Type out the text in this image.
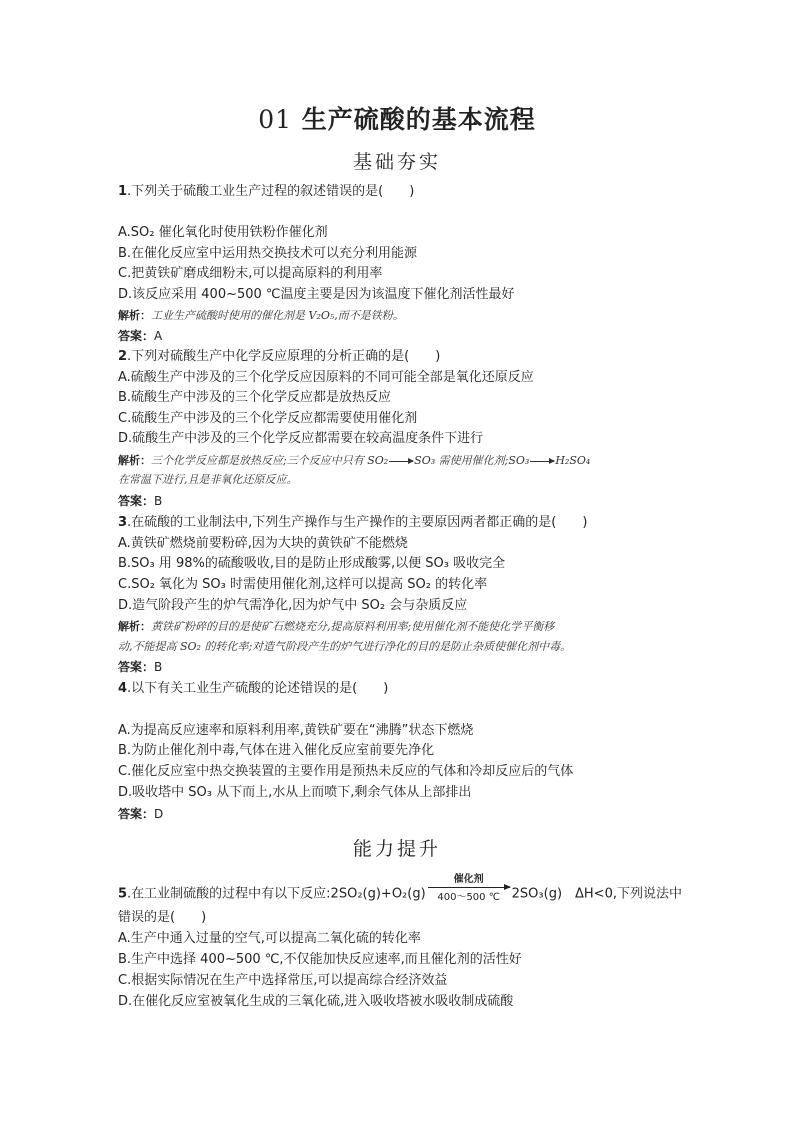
01 生产硫酸的基本流程
基础夯实
1.下列关于硫酸工业生产过程的叙述错误的是(　　)
A.SO₂ 催化氧化时使用铁粉作催化剂
B.在催化反应室中运用热交换技术可以充分利用能源
C.把黄铁矿磨成细粉末,可以提高原料的利用率
D.该反应采用 400~500 ℃温度主要是因为该温度下催化剂活性最好
解析：工业生产硫酸时使用的催化剂是 V₂O₅,而不是铁粉。
答案：A
2.下列对硫酸生产中化学反应原理的分析正确的是(　　)
A.硫酸生产中涉及的三个化学反应因原料的不同可能全部是氧化还原反应
B.硫酸生产中涉及的三个化学反应都是放热反应
C.硫酸生产中涉及的三个化学反应都需要使用催化剂
D.硫酸生产中涉及的三个化学反应都需要在较高温度条件下进行
解析：三个化学反应都是放热反应;三个反应中只有 SO₂→SO₃ 需使用催化剂;SO₃→H₂SO₄
在常温下进行,且是非氧化还原反应。
答案：B
3.在硫酸的工业制法中,下列生产操作与生产操作的主要原因两者都正确的是(　　)
A.黄铁矿燃烧前要粉碎,因为大块的黄铁矿不能燃烧
B.SO₃ 用 98%的硫酸吸收,目的是防止形成酸雾,以便 SO₃ 吸收完全
C.SO₂ 氧化为 SO₃ 时需使用催化剂,这样可以提高 SO₂ 的转化率
D.造气阶段产生的炉气需净化,因为炉气中 SO₂ 会与杂质反应
解析：黄铁矿粉碎的目的是使矿石燃烧充分,提高原料利用率;使用催化剂不能使化学平衡移
动,不能提高 SO₂ 的转化率;对造气阶段产生的炉气进行净化的目的是防止杂质使催化剂中毒。
答案：B
4.以下有关工业生产硫酸的论述错误的是(　　)
A.为提高反应速率和原料利用率,黄铁矿要在“沸腾”状态下燃烧
B.为防止催化剂中毒,气体在进入催化反应室前要先净化
C.催化反应室中热交换装置的主要作用是预热未反应的气体和冷却反应后的气体
D.吸收塔中 SO₃ 从下而上,水从上而喷下,剩余气体从上部排出
答案：D
能力提升
5.在工业制硫酸的过程中有以下反应:2SO₂(g)+O₂(g)
催化剂
400～500 ℃ 2SO₃(g)　ΔH<0,下列说法中
错误的是(　　)
A.生产中通入过量的空气,可以提高二氧化硫的转化率
B.生产中选择 400~500 ℃,不仅能加快反应速率,而且催化剂的活性好
C.根据实际情况在生产中选择常压,可以提高综合经济效益
D.在催化反应室被氧化生成的三氧化硫,进入吸收塔被水吸收制成硫酸
